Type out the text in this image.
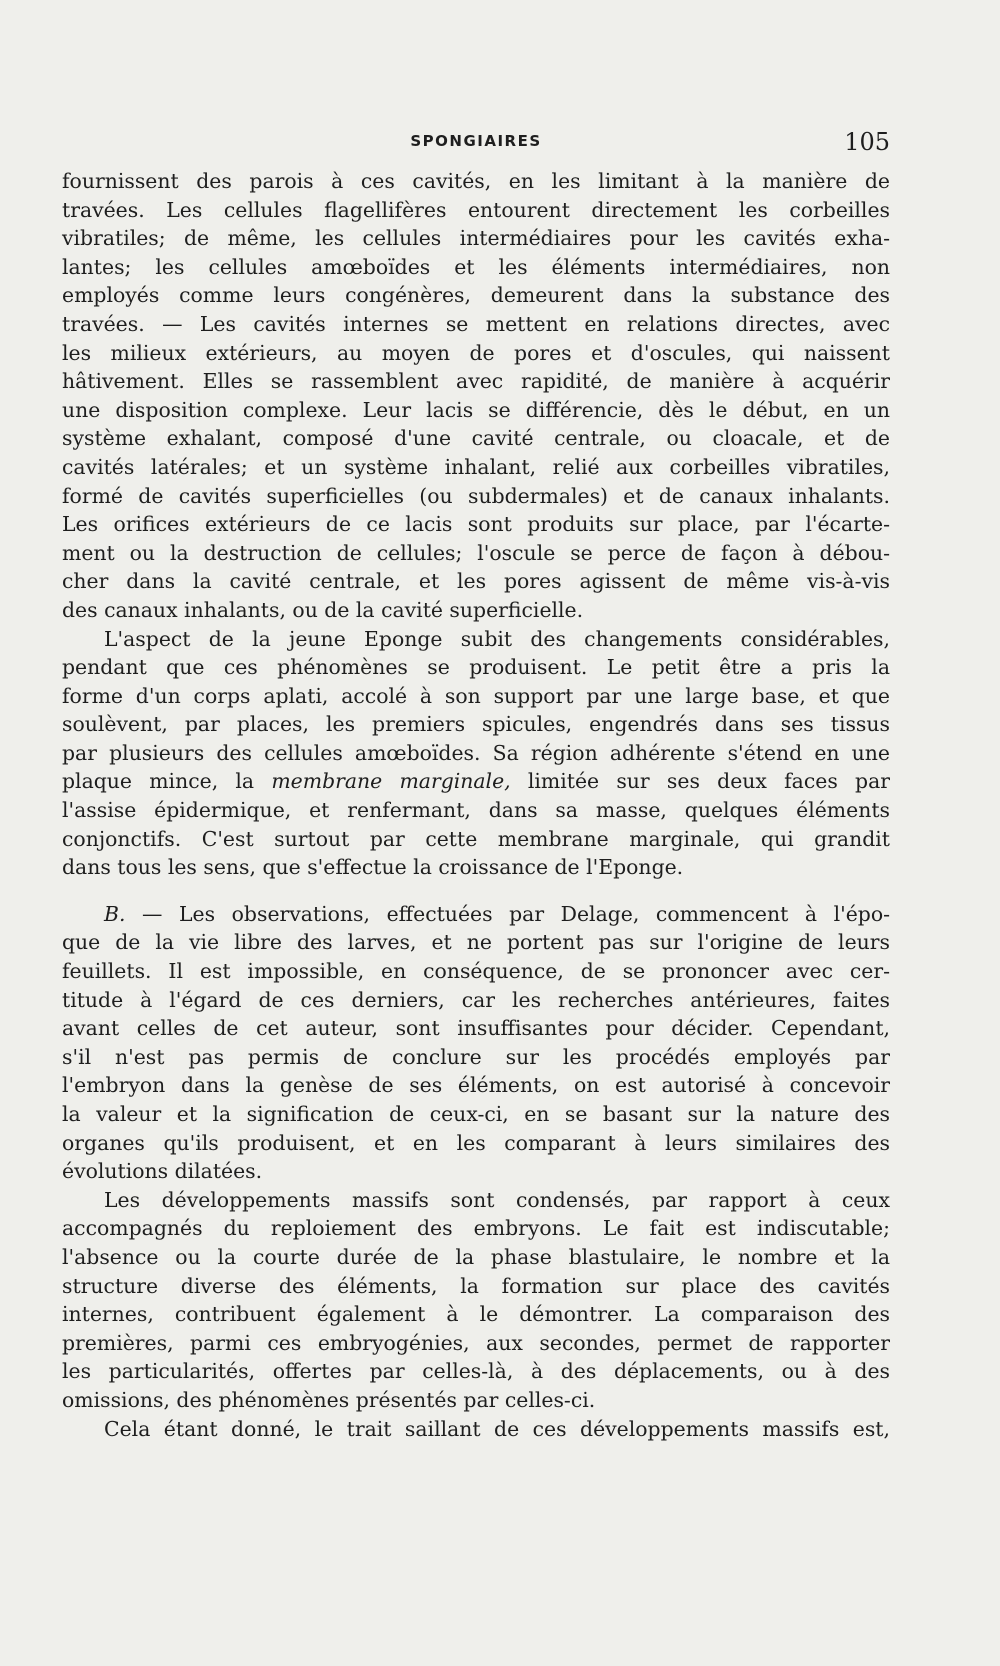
SPONGIAIRES	105
fournissent des parois à ces cavités, en les limitant à la manière de
travées. Les cellules flagellifères entourent directement les corbeilles
vibratiles; de même, les cellules intermédiaires pour les cavités exha-
lantes; les cellules amœboïdes et les éléments intermédiaires, non
employés comme leurs congénères, demeurent dans la substance des
travées. — Les cavités internes se mettent en relations directes, avec
les milieux extérieurs, au moyen de pores et d'oscules, qui naissent
hâtivement. Elles se rassemblent avec rapidité, de manière à acquérir
une disposition complexe. Leur lacis se différencie, dès le début, en un
système exhalant, composé d'une cavité centrale, ou cloacale, et de
cavités latérales; et un système inhalant, relié aux corbeilles vibratiles,
formé de cavités superficielles (ou subdermales) et de canaux inhalants.
Les orifices extérieurs de ce lacis sont produits sur place, par l'écarte-
ment ou la destruction de cellules; l'oscule se perce de façon à débou-
cher dans la cavité centrale, et les pores agissent de même vis-à-vis
des canaux inhalants, ou de la cavité superficielle.
L'aspect de la jeune Eponge subit des changements considérables,
pendant que ces phénomènes se produisent. Le petit être a pris la
forme d'un corps aplati, accolé à son support par une large base, et que
soulèvent, par places, les premiers spicules, engendrés dans ses tissus
par plusieurs des cellules amœboïdes. Sa région adhérente s'étend en une
plaque mince, la membrane marginale, limitée sur ses deux faces par
l'assise épidermique, et renfermant, dans sa masse, quelques éléments
conjonctifs. C'est surtout par cette membrane marginale, qui grandit
dans tous les sens, que s'effectue la croissance de l'Eponge.
B. — Les observations, effectuées par Delage, commencent à l'épo-
que de la vie libre des larves, et ne portent pas sur l'origine de leurs
feuillets. Il est impossible, en conséquence, de se prononcer avec cer-
titude à l'égard de ces derniers, car les recherches antérieures, faites
avant celles de cet auteur, sont insuffisantes pour décider. Cependant,
s'il n'est pas permis de conclure sur les procédés employés par
l'embryon dans la genèse de ses éléments, on est autorisé à concevoir
la valeur et la signification de ceux-ci, en se basant sur la nature des
organes qu'ils produisent, et en les comparant à leurs similaires des
évolutions dilatées.
Les développements massifs sont condensés, par rapport à ceux
accompagnés du reploiement des embryons. Le fait est indiscutable;
l'absence ou la courte durée de la phase blastulaire, le nombre et la
structure diverse des éléments, la formation sur place des cavités
internes, contribuent également à le démontrer. La comparaison des
premières, parmi ces embryogénies, aux secondes, permet de rapporter
les particularités, offertes par celles-là, à des déplacements, ou à des
omissions, des phénomènes présentés par celles-ci.
Cela étant donné, le trait saillant de ces développements massifs est,
